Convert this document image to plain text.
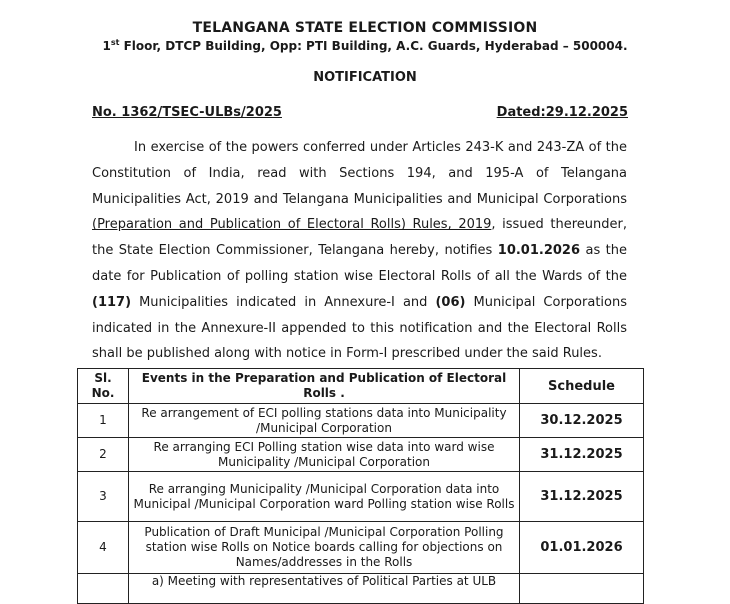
TELANGANA STATE ELECTION COMMISSION
1st Floor, DTCP Building, Opp: PTI Building, A.C. Guards, Hyderabad – 500004.
NOTIFICATION
No. 1362/TSEC-ULBs/2025	Dated:29.12.2025

In exercise of the powers conferred under Articles 243-K and 243-ZA of the Constitution of India, read with Sections 194, and 195-A of Telangana Municipalities Act, 2019 and Telangana Municipalities and Municipal Corporations (Preparation and Publication of Electoral Rolls) Rules, 2019, issued thereunder, the State Election Commissioner, Telangana hereby, notifies 10.01.2026 as the date for Publication of polling station wise Electoral Rolls of all the Wards of the (117) Municipalities indicated in Annexure-I and (06) Municipal Corporations indicated in the Annexure-II appended to this notification and the Electoral Rolls shall be published along with notice in Form-I prescribed under the said Rules.

Sl. No.	Events in the Preparation and Publication of Electoral Rolls .	Schedule
1	Re arrangement of ECI polling stations data into Municipality /Municipal Corporation	30.12.2025
2	Re arranging ECI Polling station wise data into ward wise Municipality /Municipal Corporation	31.12.2025
3	Re arranging Municipality /Municipal Corporation data into Municipal /Municipal Corporation ward Polling station wise Rolls	31.12.2025
4	Publication of Draft Municipal /Municipal Corporation Polling station wise Rolls on Notice boards calling for objections on Names/addresses in the Rolls	01.01.2026
	a) Meeting with representatives of Political Parties at ULB	
